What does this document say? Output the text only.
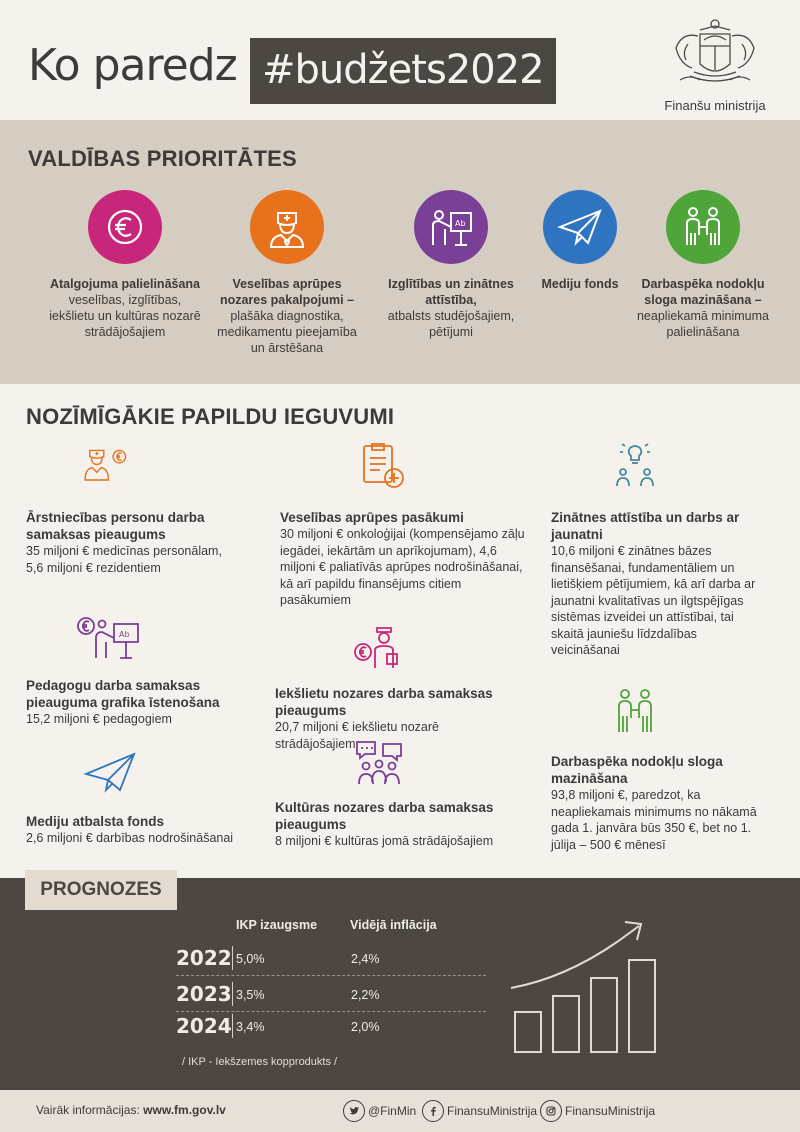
Ko paredz #budžets2022
Finanšu ministrija
VALDĪBAS PRIORITĀTES
Atalgojuma palielināšana
veselības, izglītības, iekšlietu un kultūras nozarē strādājošajiem
Veselības aprūpes nozares pakalpojumi –
plašāka diagnostika, medikamentu pieejamība un ārstēšana
Ab
Izglītības un zinātnes attīstība,
atbalsts studējošajiem, pētījumi
Mediju fonds	Darbaspēka nodokļu sloga mazināšana –
neapliekamā minimuma palielināšana
NOZĪMĪGĀKIE PAPILDU IEGUVUMI
Ārstniecības personu darba samaksas pieaugums
35 miljoni € medicīnas personālam, 5,6 miljoni € rezidentiem
Veselības aprūpes pasākumi
30 miljoni € onkoloģijai (kompensējamo zāļu iegādei, iekārtām un aprīkojumam), 4,6 miljoni € paliatīvās aprūpes nodrošināšanai, kā arī papildu finansējums citiem pasākumiem
Zinātnes attīstība un darbs ar jaunatni
10,6 miljoni € zinātnes bāzes finansēšanai, fundamentāliem un lietišķiem pētījumiem, kā arī darba ar jaunatni kvalitatīvas un ilgtspējīgas sistēmas izveidei un attīstībai, tai skaitā jauniešu līdzdalības veicināšanai
Ab
Pedagogu darba samaksas pieauguma grafika īstenošana
15,2 miljoni € pedagogiem
Iekšlietu nozares darba samaksas pieaugums
20,7 miljoni € iekšlietu nozarē strādājošajiem
Darbaspēka nodokļu sloga mazināšana
93,8 miljoni €, paredzot, ka neapliekamais minimums no nākamā gada 1. janvāra būs 350 €, bet no 1. jūlija – 500 € mēnesī
Mediju atbalsta fonds
2,6 miljoni € darbības nodrošināšanai
Kultūras nozares darba samaksas pieaugums
8 miljoni € kultūras jomā strādājošajiem
IKP izaugsme	Vidējā inflācija
2022 5,0%	2,4%
2023 3,5%	2,2%
2024 3,4%	2,0%
/ IKP - Iekšzemes kopprodukts /
PROGNOZES
Vairāk informācijas: www.fm.gov.lv	@FinMin	FinansuMinistrija FinansuMinistrija
